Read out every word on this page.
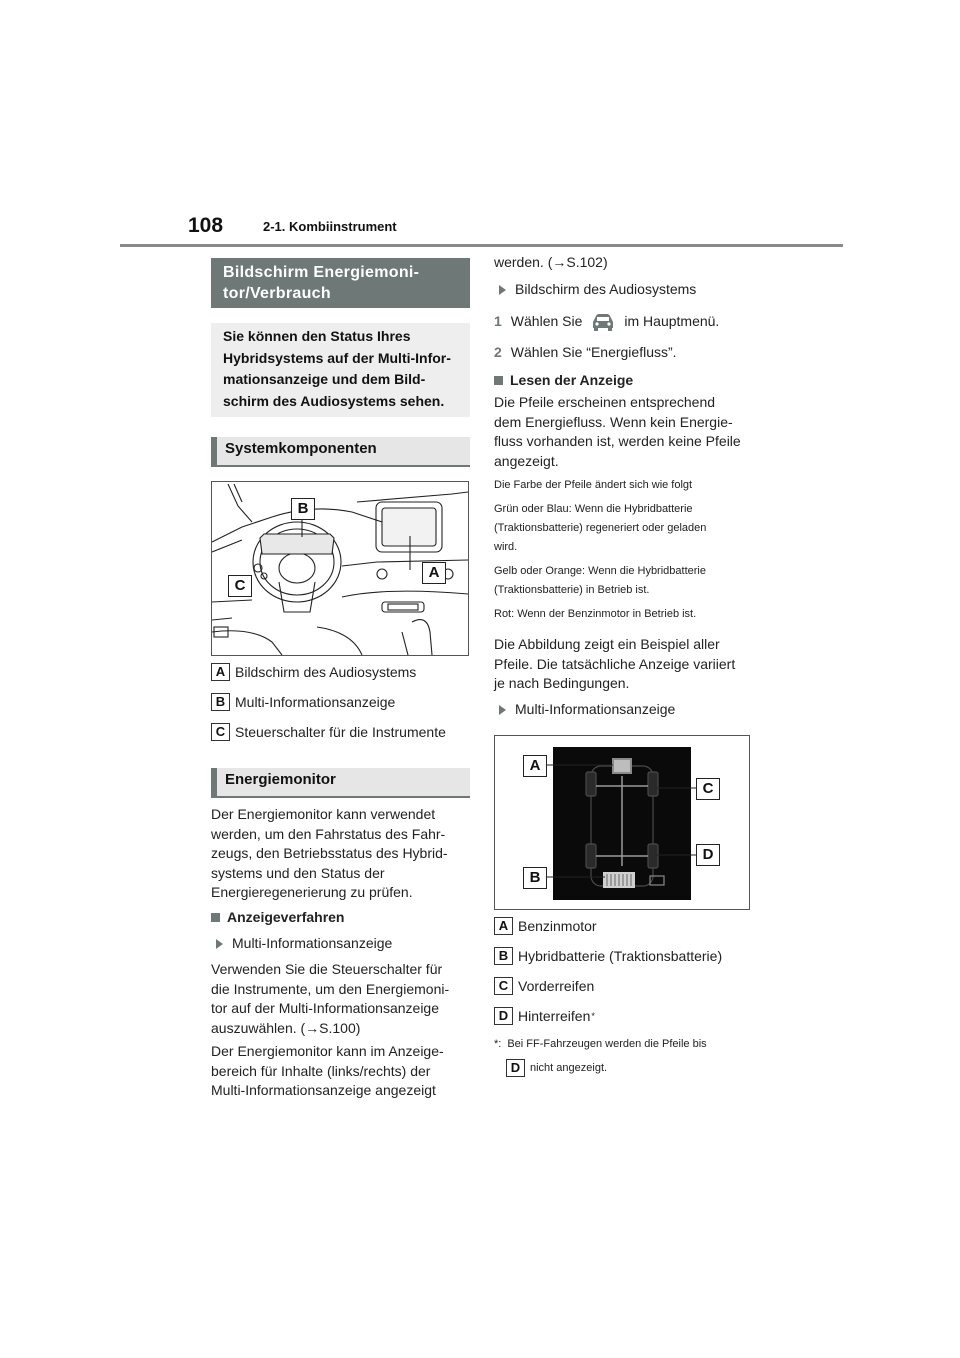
108	2-1. Kombiinstrument
Bildschirm Energiemoni-
tor/Verbrauch
Sie können den Status Ihres
Hybridsystems auf der Multi-Infor-
mationsanzeige und dem Bild-
schirm des Audiosystems sehen.
Systemkomponenten
B
A
C
A Bildschirm des Audiosystems
B Multi-Informationsanzeige
C Steuerschalter für die Instrumente
Energiemonitor
Der Energiemonitor kann verwendet
werden, um den Fahrstatus des Fahr-
zeugs, den Betriebsstatus des Hybrid-
systems und den Status der
Energieregenerierung zu prüfen.
Anzeigeverfahren
Multi-Informationsanzeige
Verwenden Sie die Steuerschalter für
die Instrumente, um den Energiemoni-
tor auf der Multi-Informationsanzeige
auszuwählen. (→S.100)
Der Energiemonitor kann im Anzeige-
bereich für Inhalte (links/rechts) der
Multi-Informationsanzeige angezeigt
werden. (→S.102)
Bildschirm des Audiosystems
1 Wählen Sie	im Hauptmenü.
2 Wählen Sie “Energiefluss”.
Lesen der Anzeige
Die Pfeile erscheinen entsprechend
dem Energiefluss. Wenn kein Energie-
fluss vorhanden ist, werden keine Pfeile
angezeigt.
Die Farbe der Pfeile ändert sich wie folgt
Grün oder Blau: Wenn die Hybridbatterie
(Traktionsbatterie) regeneriert oder geladen
wird.
Gelb oder Orange: Wenn die Hybridbatterie
(Traktionsbatterie) in Betrieb ist.
Rot: Wenn der Benzinmotor in Betrieb ist.
Die Abbildung zeigt ein Beispiel aller
Pfeile. Die tatsächliche Anzeige variiert
je nach Bedingungen.
Multi-Informationsanzeige
A
C
D
B
A Benzinmotor
B Hybridbatterie (Traktionsbatterie)
C Vorderreifen
D Hinterreifen *
*: Bei FF-Fahrzeugen werden die Pfeile bis
D nicht angezeigt.
